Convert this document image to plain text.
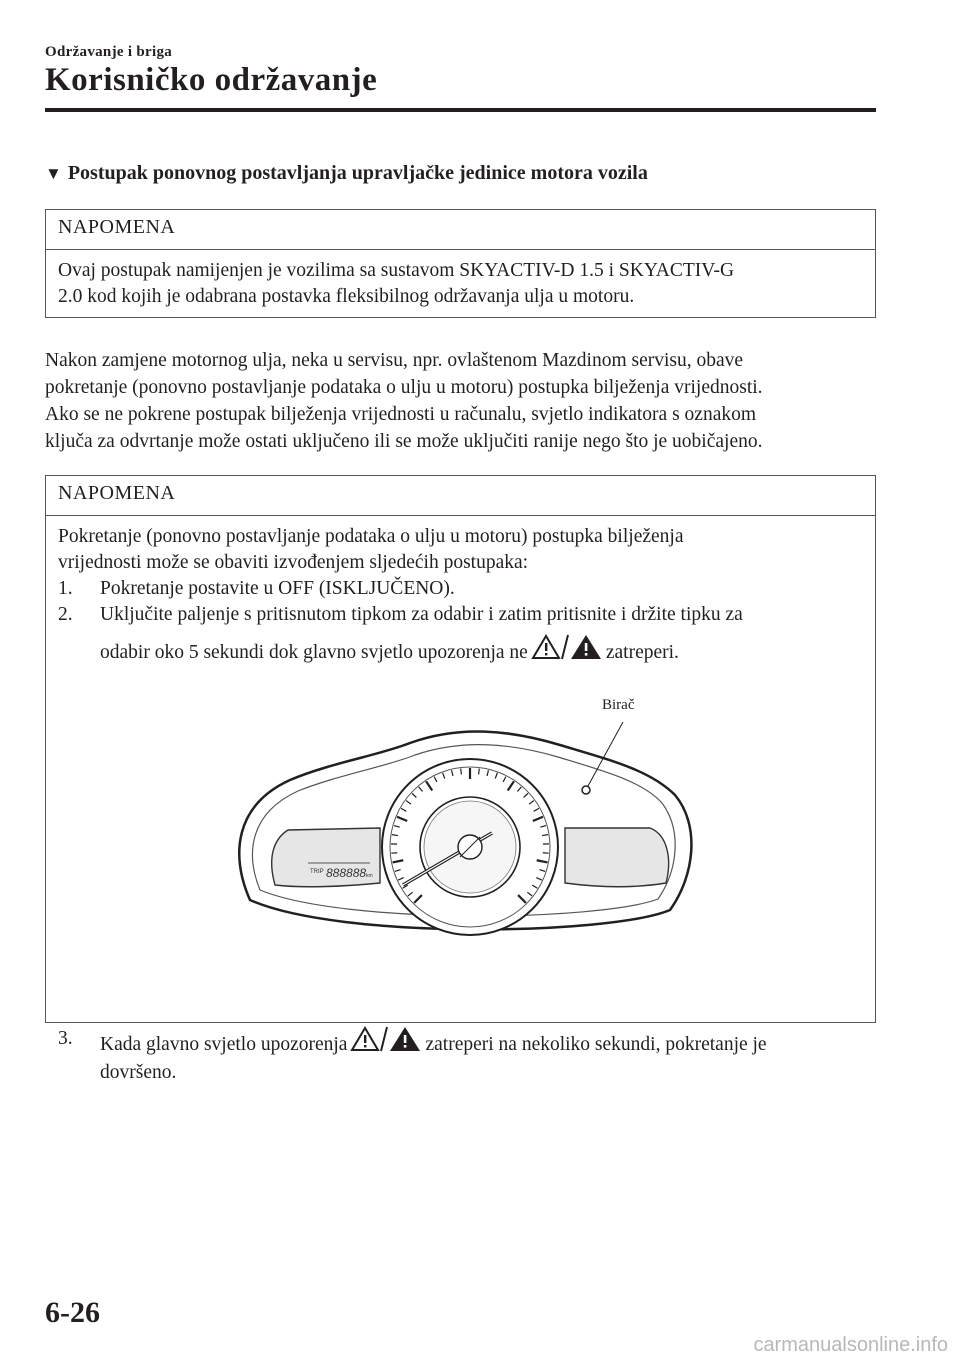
Održavanje i briga
Korisničko održavanje
▼ Postupak ponovnog postavljanja upravljačke jedinice motora vozila
NAPOMENA
Ovaj postupak namijenjen je vozilima sa sustavom SKYACTIV-D 1.5 i SKYACTIV-G
2.0 kod kojih je odabrana postavka fleksibilnog održavanja ulja u motoru.
Nakon zamjene motornog ulja, neka u servisu, npr. ovlaštenom Mazdinom servisu, obave
pokretanje (ponovno postavljanje podataka o ulju u motoru) postupka bilježenja vrijednosti.
Ako se ne pokrene postupak bilježenja vrijednosti u računalu, svjetlo indikatora s oznakom
ključa za odvrtanje može ostati uključeno ili se može uključiti ranije nego što je uobičajeno.
NAPOMENA
Pokretanje (ponovno postavljanje podataka o ulju u motoru) postupka bilježenja
vrijednosti može se obaviti izvođenjem sljedećih postupaka:
1. Pokretanje postavite u OFF (ISKLJUČENO).
2. Uključite paljenje s pritisnutom tipkom za odabir i zatim pritisnite i držite tipku za
odabir oko 5 sekundi dok glavno svjetlo upozorenja ne	zatreperi.
3. Kada glavno svjetlo upozorenja	zatreperi na nekoliko sekundi, pokretanje je
dovršeno.
TRIP 888888 km
Birač
6-26
carmanualsonline.info
